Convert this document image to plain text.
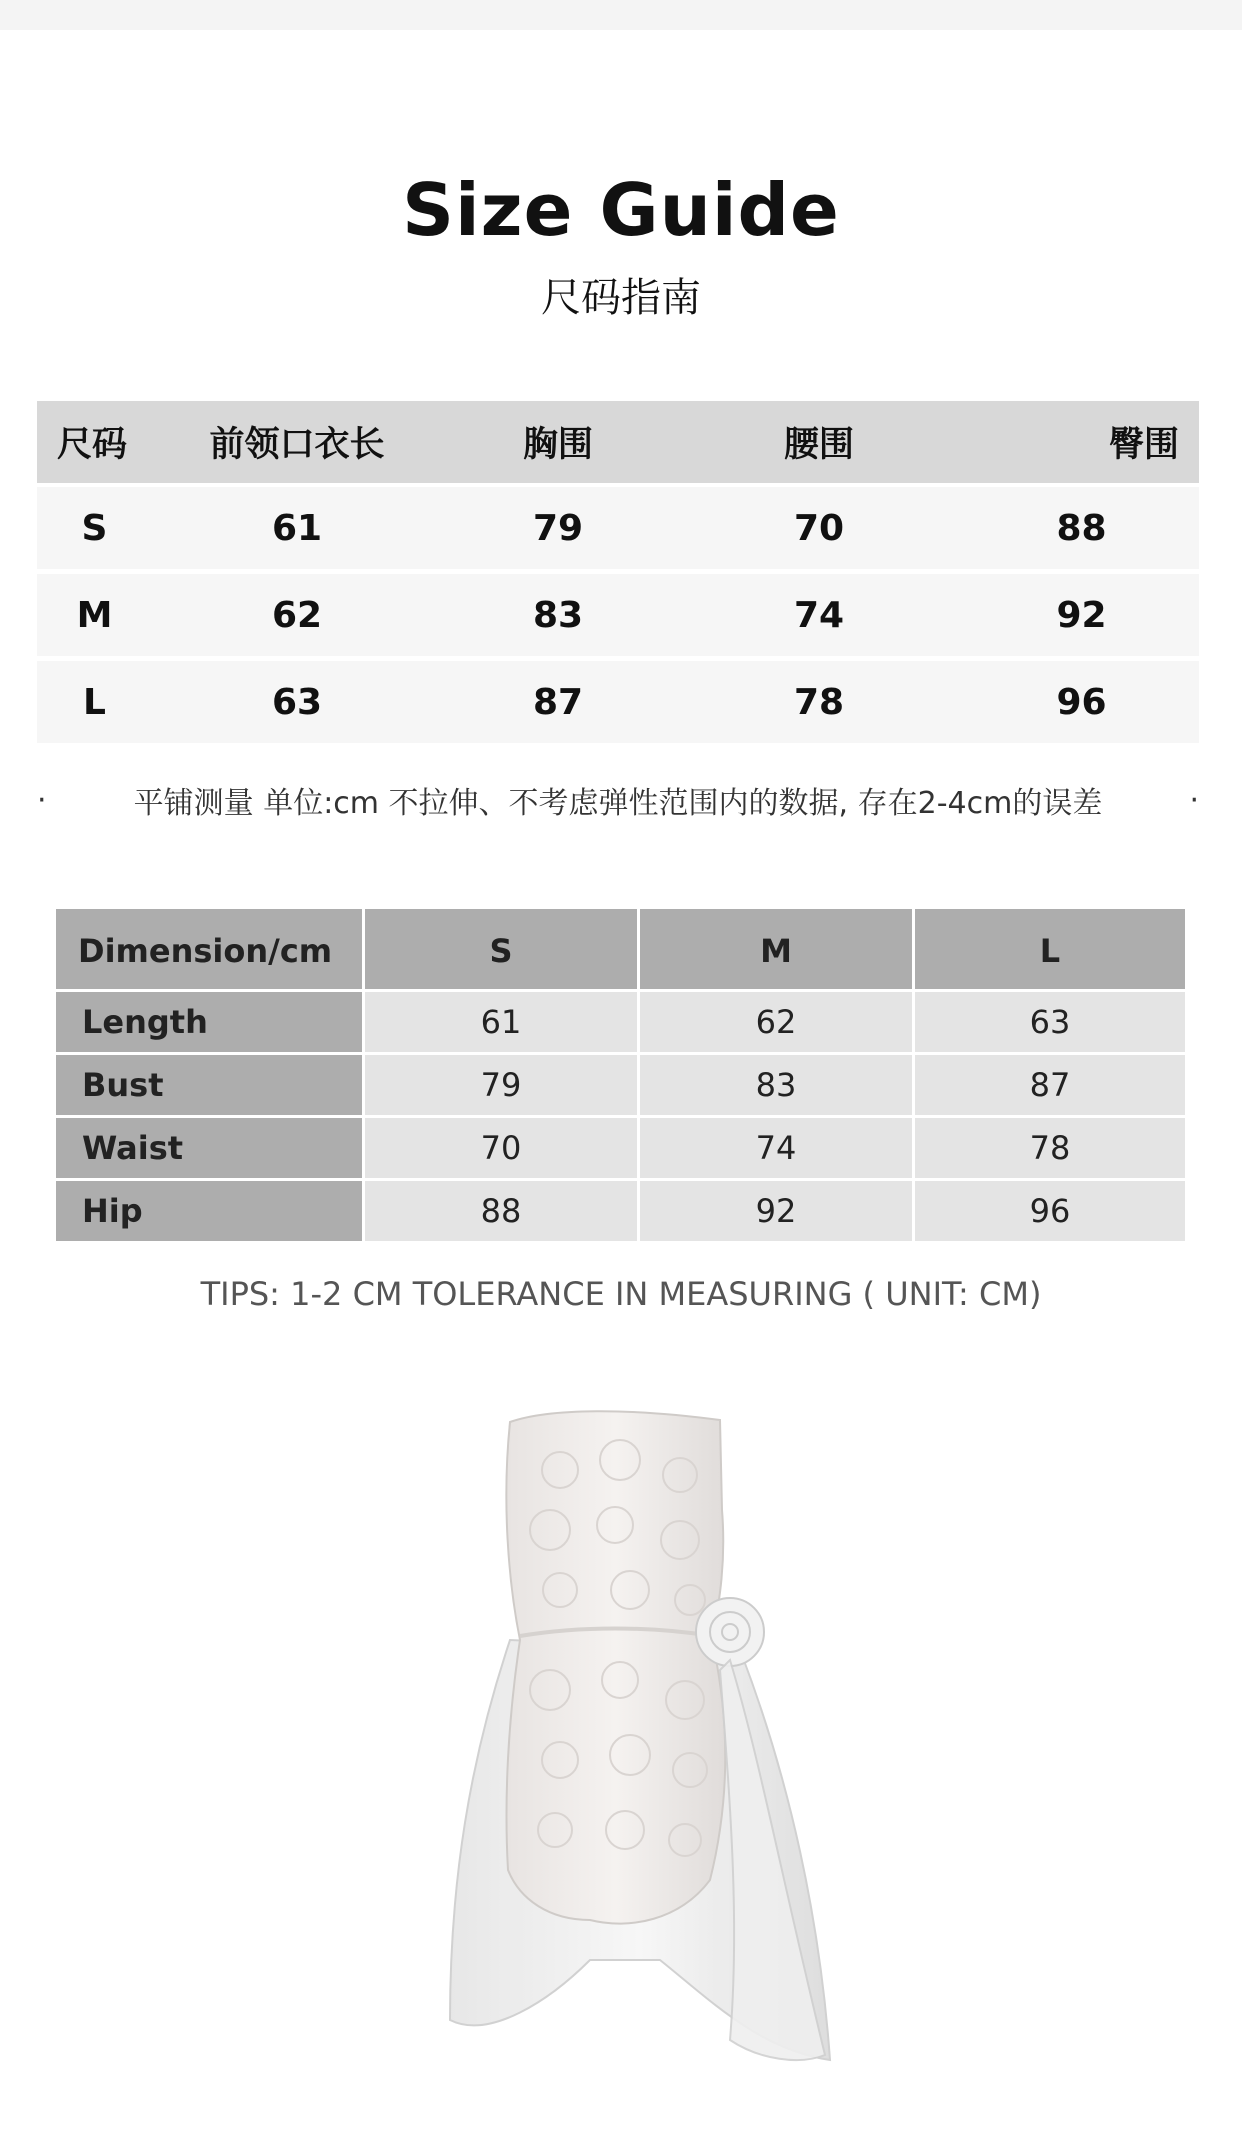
Size Guide
尺码指南
尺码	前领口衣长	胸围	腰围	臀围
S	61	79	70	88
M	62	83	74	92
L	63	87	78	96
·	平铺测量 单位:cm 不拉伸、不考虑弹性范围内的数据, 存在2-4cm的误差	·
Dimension/cm	S	M	L
Length	61	62	63
Bust	79	83	87
Waist	70	74	78
Hip	88	92	96
TIPS: 1-2 CM TOLERANCE IN MEASURING ( UNIT: CM)
